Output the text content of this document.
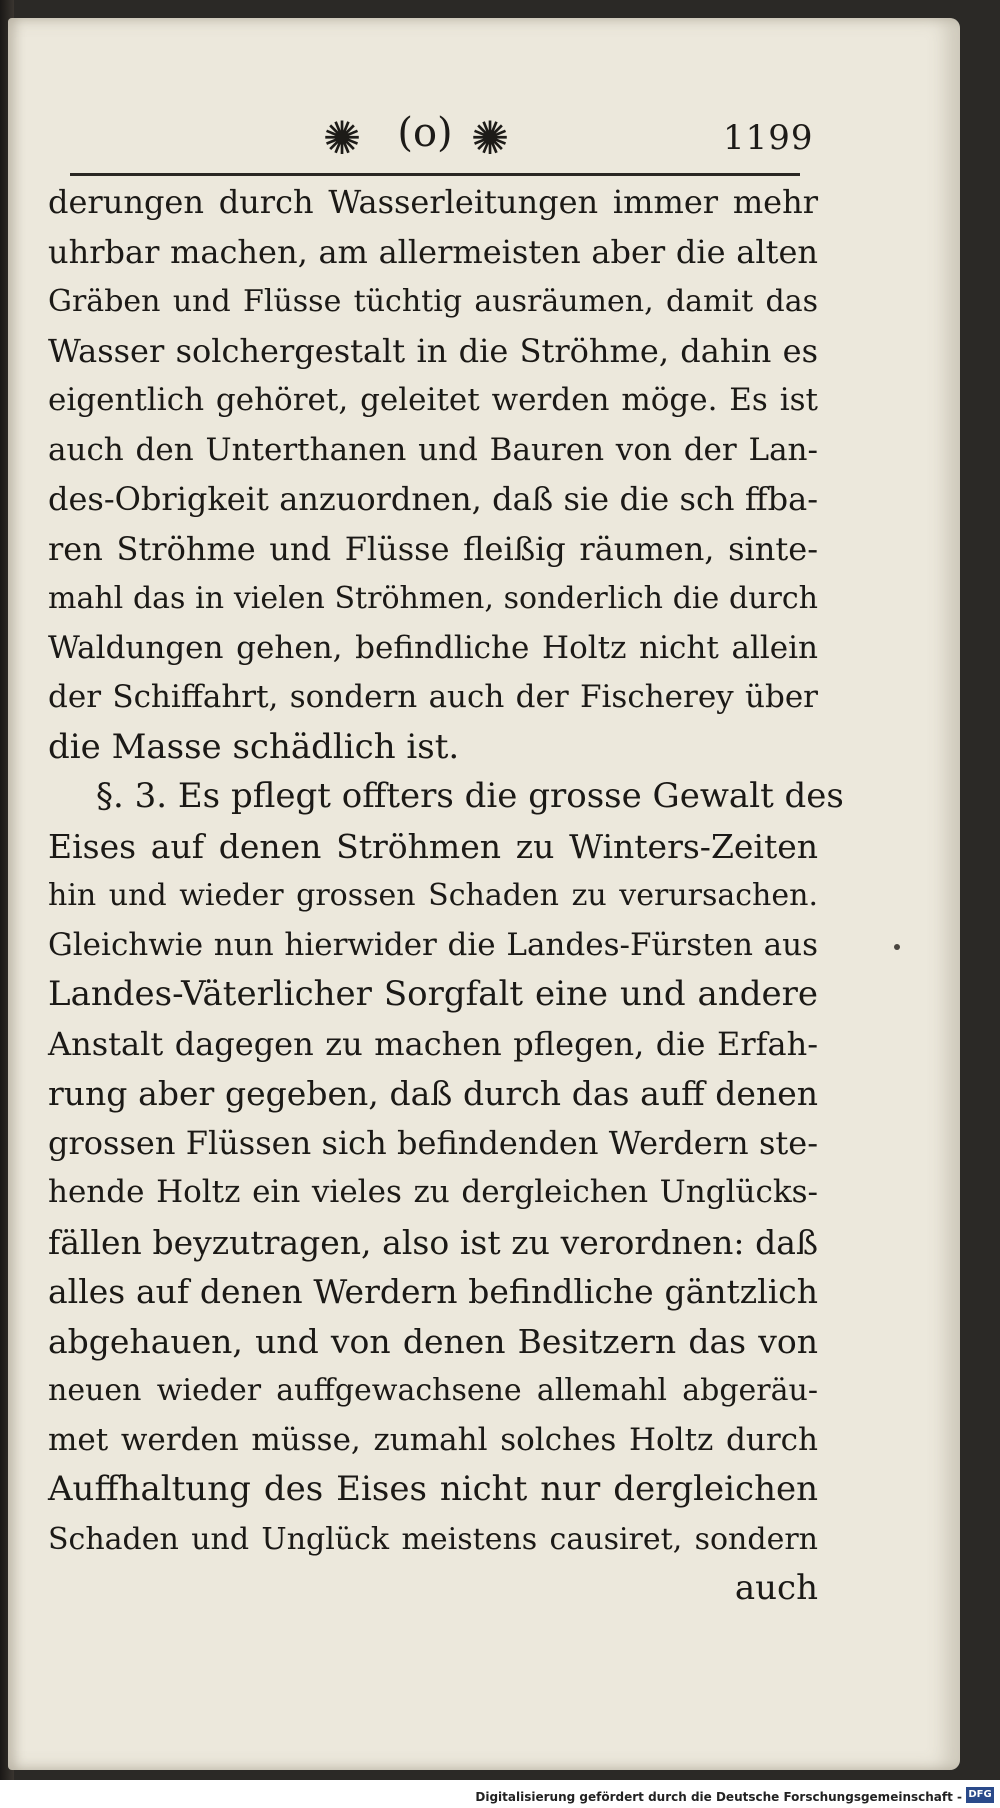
✺ (o) ✺	1199
derungen durch Wasserleitungen immer mehr
uhrbar machen, am allermeisten aber die alten
Gräben und Flüsse tüchtig ausräumen, damit das
Wasser solchergestalt in die Ströhme, dahin es
eigentlich gehöret, geleitet werden möge. Es ist
auch den Unterthanen und Bauren von der Lan-
des-Obrigkeit anzuordnen, daß sie die sch ffba-
ren Ströhme und Flüsse fleißig räumen, sinte-
mahl das in vielen Ströhmen, sonderlich die durch
Waldungen gehen, befindliche Holtz nicht allein
der Schiffahrt, sondern auch der Fischerey über
die Masse schädlich ist.
§. 3. Es pflegt offters die grosse Gewalt des
Eises auf denen Ströhmen zu Winters-Zeiten
hin und wieder grossen Schaden zu verursachen.
Gleichwie nun hierwider die Landes-Fürsten aus
Landes-Väterlicher Sorgfalt eine und andere
Anstalt dagegen zu machen pflegen, die Erfah-
rung aber gegeben, daß durch das auff denen
grossen Flüssen sich befindenden Werdern ste-
hende Holtz ein vieles zu dergleichen Unglücks-
fällen beyzutragen, also ist zu verordnen: daß
alles auf denen Werdern befindliche gäntzlich
abgehauen, und von denen Besitzern das von
neuen wieder auffgewachsene allemahl abgeräu-
met werden müsse, zumahl solches Holtz durch
Auffhaltung des Eises nicht nur dergleichen
Schaden und Unglück meistens causiret, sondern
auch
Digitalisierung gefördert durch die Deutsche Forschungsgemeinschaft - DFG
